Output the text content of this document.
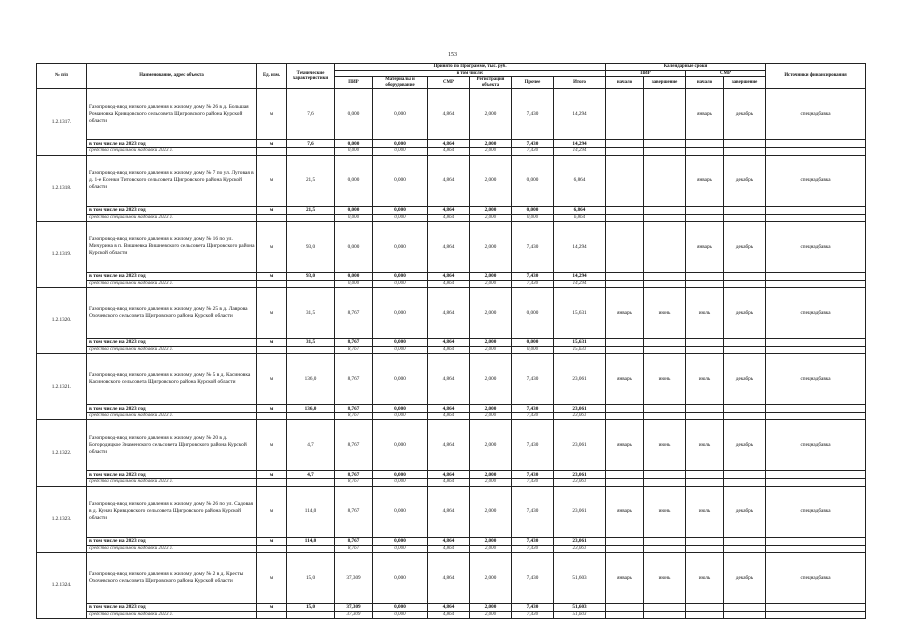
153
№ п/п	Наименование, адрес объекта	Ед. изм.	Технические характеристики	Принято по Программе, тыс. руб.						Календарные сроки				Источники финансирования
				в том числе:						ПИР		СМР		
				ПИР	Материалы и оборудование	СМР	Регистрация объекта	Прочее	Итого					
										начало	завершение	начало	завершение	
1.2.1317.	Газопровод-ввод низкого давления к жилому дому № 26 в д. Большая Романовка Кривцовского сельсовета Щигровского района Курской области	м	7,6	0,000	0,000	4,864	2,000	7,430	14,294			январь	декабрь	спецнадбавка
	в том числе на 2023 год	м	7,6	0,000	0,000	4,864	2,000	7,430	14,294					
	средства специальной надбавки 2023 г.			0,000	0,000	4,864	2,000	7,430	14,294					
1.2.1318.	Газопровод-ввод низкого давления к жилому дому № 7 по ул. Луговая в д. 1-е Есенки Титовского сельсовета Щигровского района Курской области	м	21,5	0,000	0,000	4,864	2,000	0,000	6,864			январь	декабрь	спецнадбавка
	в том числе на 2023 год	м	21,5	0,000	0,000	4,864	2,000	0,000	6,864					
	средства специальной надбавки 2023 г.			0,000	0,000	4,864	2,000	0,000	6,864					
1.2.1319.	Газопровод-ввод низкого давления к жилому дому № 16 по ул. Мичурина в п. Вишневка Вишневского сельсовета Щигровского района Курской области	м	93,0	0,000	0,000	4,864	2,000	7,430	14,294			январь	декабрь	спецнадбавка
	в том числе на 2023 год	м	93,0	0,000	0,000	4,864	2,000	7,430	14,294					
	средства специальной надбавки 2023 г.			0,000	0,000	4,864	2,000	7,430	14,294					
1.2.1320.	Газопровод-ввод низкого давления к жилому дому № 25 в д. Лаврова Охочевского сельсовета Щигровского района Курской области	м	31,5	8,767	0,000	4,864	2,000	0,000	15,631	январь	июнь	июль	декабрь	спецнадбавка
	в том числе на 2023 год	м	31,5	8,767	0,000	4,864	2,000	0,000	15,631					
	средства специальной надбавки 2023 г.			8,767	0,000	4,864	2,000	0,000	15,631					
1.2.1321.	Газопровод-ввод низкого давления к жилому дому № 5 в д. Касиновка Касиновского сельсовета Щигровского района Курской области	м	136,0	8,767	0,000	4,864	2,000	7,430	23,061	январь	июнь	июль	декабрь	спецнадбавка
	в том числе на 2023 год	м	136,0	8,767	0,000	4,864	2,000	7,430	23,061					
	средства специальной надбавки 2023 г.			8,767	0,000	4,864	2,000	7,430	23,061					
1.2.1322.	Газопровод-ввод низкого давления к жилому дому № 20 в д. Богородицкое Знаменского сельсовета Щигровского района Курской области	м	4,7	8,767	0,000	4,864	2,000	7,430	23,061	январь	июнь	июль	декабрь	спецнадбавка
	в том числе на 2023 год	м	4,7	8,767	0,000	4,864	2,000	7,430	23,061					
	средства специальной надбавки 2023 г.			8,767	0,000	4,864	2,000	7,430	23,061					
1.2.1323.	Газопровод-ввод низкого давления к жилому дому № 26 по ул. Садовая в д. Кунач Кривцовского сельсовета Щигровского района Курской области	м	114,0	8,767	0,000	4,864	2,000	7,430	23,061	январь	июнь	июль	декабрь	спецнадбавка
	в том числе на 2023 год	м	114,0	8,767	0,000	4,864	2,000	7,430	23,061					
	средства специальной надбавки 2023 г.			8,767	0,000	4,864	2,000	7,430	23,061					
1.2.1324.	Газопровод-ввод низкого давления к жилому дому № 2 в д. Кресты Охочевского сельсовета Щигровского района Курской области	м	15,0	37,309	0,000	4,864	2,000	7,430	51,603	январь	июнь	июль	декабрь	спецнадбавка
	в том числе на 2023 год	м	15,0	37,309	0,000	4,864	2,000	7,430	51,603					
	средства специальной надбавки 2023 г.			37,309	0,000	4,864	2,000	7,430	51,603					
